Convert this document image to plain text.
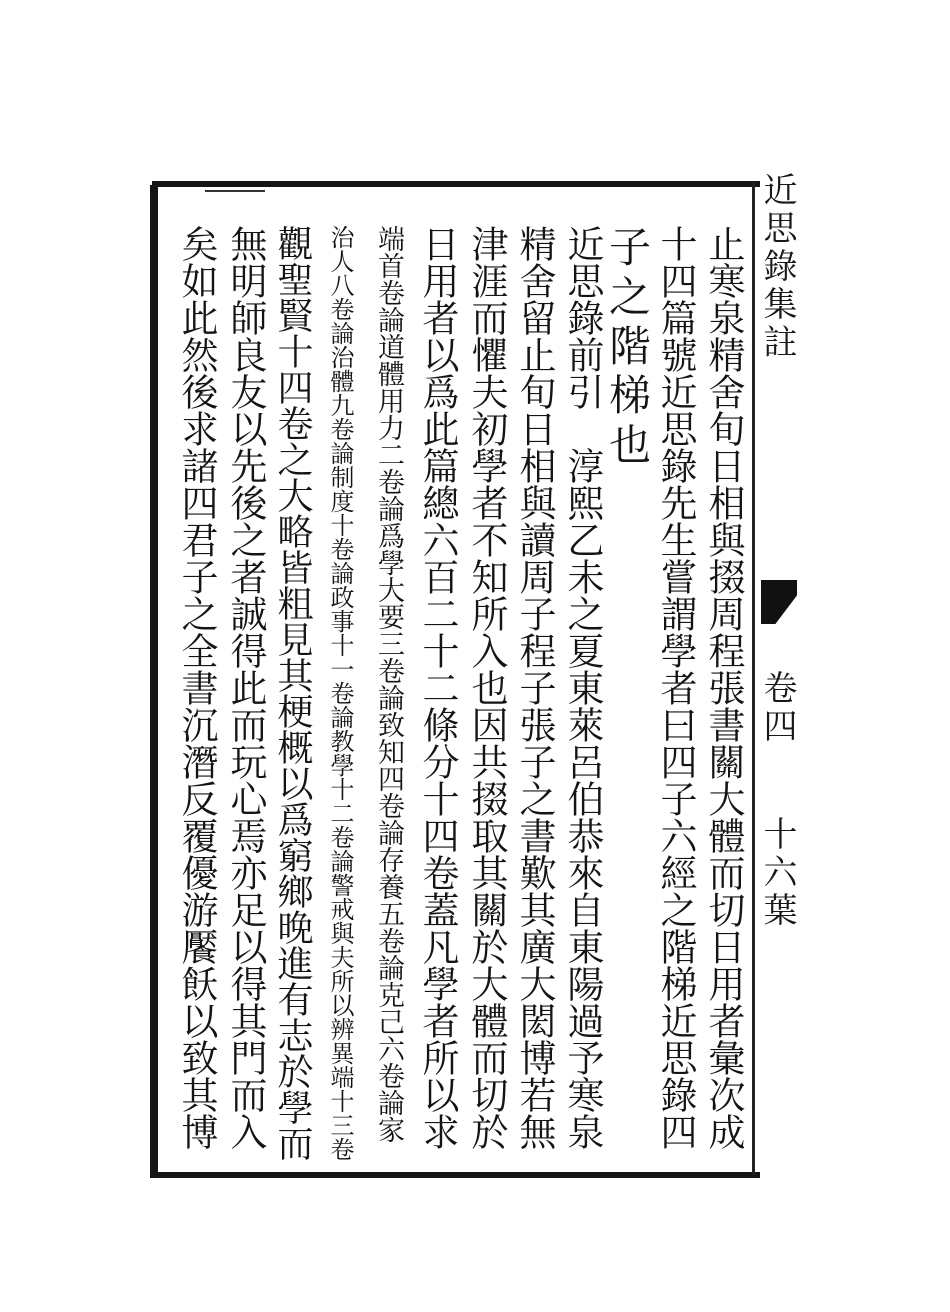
近思錄集註
卷四
十六葉
止寒泉精舍旬日相與掇周程張書關大體而切日用者彙次成
十四篇號近思錄先生嘗謂學者曰四子六經之階梯近思錄四
子之階梯也
近思錄前引　淳熙乙未之夏東萊呂伯恭來自東陽過予寒泉
精舍留止旬日相與讀周子程子張子之書歎其廣大閎博若無
津涯而懼夫初學者不知所入也因共掇取其關於大體而切於
日用者以爲此篇總六百二十二條分十四卷蓋凡學者所以求
端首卷論道體用力二卷論爲學大要三卷論致知四卷論存養五卷論克己六卷論家
治人八卷論治體九卷論制度十卷論政事十一卷論教學十二卷論警戒與夫所以辨異端十三卷
觀聖賢十四卷之大略皆粗見其梗概以爲窮鄉晚進有志於學而
無明師良友以先後之者誠得此而玩心焉亦足以得其門而入
矣如此然後求諸四君子之全書沉潛反覆優游饜飫以致其博
